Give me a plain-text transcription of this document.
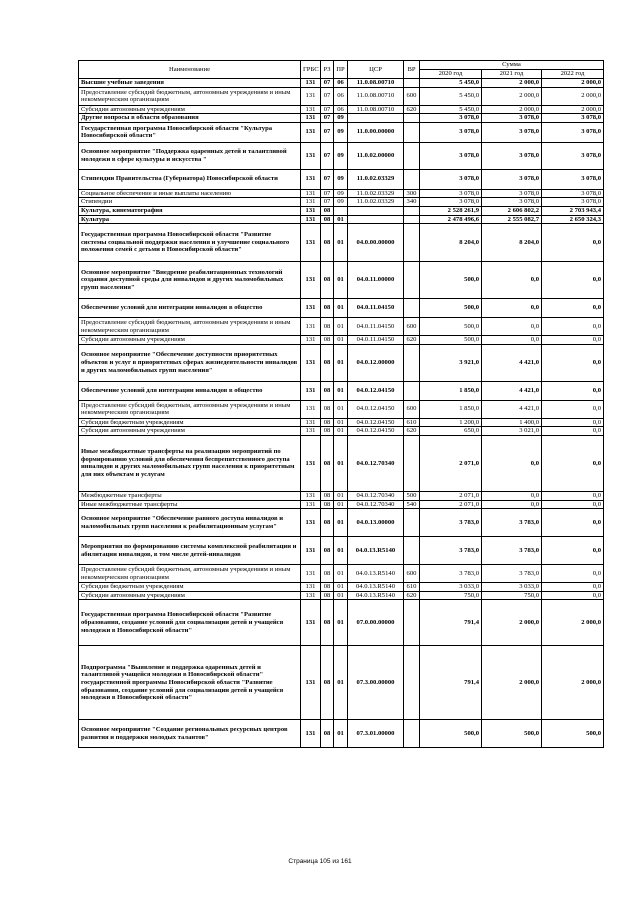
Наименование	ГРБС	РЗ	ПР	ЦСР	ВР	Сумма		
						2020 год	2021 год	2022 год
Высшие учебные заведения	131	07	06	11.0.08.00710		5 450,0	2 000,0	2 000,0
Предоставление субсидий бюджетным, автономным учреждениям и иным некоммерческим организациям	131	07	06	11.0.08.00710	600	5 450,0	2 000,0	2 000,0
Субсидии автономным учреждениям	131	07	06	11.0.08.00710	620	5 450,0	2 000,0	2 000,0
Другие вопросы в области образования	131	07	09			3 078,0	3 078,0	3 078,0
Государственная программа Новосибирской области "Культура Новосибирской области"	131	07	09	11.0.00.00000		3 078,0	3 078,0	3 078,0
Основное мероприятие "Поддержка одаренных детей и талантливой молодежи в сфере культуры и искусства "	131	07	09	11.0.02.00000		3 078,0	3 078,0	3 078,0
Стипендии Правительства (Губернатора) Новосибирской области	131	07	09	11.0.02.03329		3 078,0	3 078,0	3 078,0
Социальное обеспечение и иные выплаты населению	131	07	09	11.0.02.03329	300	3 078,0	3 078,0	3 078,0
Стипендии	131	07	09	11.0.02.03329	340	3 078,0	3 078,0	3 078,0
Культура, кинематография	131	08				2 528 261,9	2 606 802,2	2 703 943,4
Культура	131	08	01			2 478 496,6	2 555 082,7	2 650 324,3
Государственная программа Новосибирской области "Развитие системы социальной поддержки населения и улучшение социального положения семей с детьми в Новосибирской области"	131	08	01	04.0.00.00000		8 204,0	8 204,0	0,0
Основное мероприятие "Внедрение реабилитационных технологий создания доступной среды для инвалидов и других маломобильных групп населения"	131	08	01	04.0.11.00000		500,0	0,0	0,0
Обеспечение условий для интеграции инвалидов в общество	131	08	01	04.0.11.04150		500,0	0,0	0,0
Предоставление субсидий бюджетным, автономным учреждениям и иным некоммерческим организациям	131	08	01	04.0.11.04150	600	500,0	0,0	0,0
Субсидии автономным учреждениям	131	08	01	04.0.11.04150	620	500,0	0,0	0,0
Основное мероприятие "Обеспечение доступности приоритетных объектов и услуг в приоритетных сферах жизнедеятельности инвалидов и других маломобильных групп населения"	131	08	01	04.0.12.00000		3 921,0	4 421,0	0,0
Обеспечение условий для интеграции инвалидов в общество	131	08	01	04.0.12.04150		1 850,0	4 421,0	0,0
Предоставление субсидий бюджетным, автономным учреждениям и иным некоммерческим организациям	131	08	01	04.0.12.04150	600	1 850,0	4 421,0	0,0
Субсидии бюджетным учреждениям	131	08	01	04.0.12.04150	610	1 200,0	1 400,0	0,0
Субсидии автономным учреждениям	131	08	01	04.0.12.04150	620	650,0	3 021,0	0,0
Иные межбюджетные трансферты на реализацию мероприятий по формированию условий для обеспечения беспрепятственного доступа инвалидов и других маломобильных групп населения к приоритетным для них объектам и услугам	131	08	01	04.0.12.70340		2 071,0	0,0	0,0
Межбюджетные трансферты	131	08	01	04.0.12.70340	500	2 071,0	0,0	0,0
Иные межбюджетные трансферты	131	08	01	04.0.12.70340	540	2 071,0	0,0	0,0
Основное мероприятие "Обеспечение равного доступа инвалидов и маломобильных групп населения к реабилитационным услугам"	131	08	01	04.0.13.00000		3 783,0	3 783,0	0,0
Мероприятия по формированию системы комплексной реабилитации и абилитации инвалидов, в том числе детей-инвалидов	131	08	01	04.0.13.R5140		3 783,0	3 783,0	0,0
Предоставление субсидий бюджетным, автономным учреждениям и иным некоммерческим организациям	131	08	01	04.0.13.R5140	600	3 783,0	3 783,0	0,0
Субсидии бюджетным учреждениям	131	08	01	04.0.13.R5140	610	3 033,0	3 033,0	0,0
Субсидии автономным учреждениям	131	08	01	04.0.13.R5140	620	750,0	750,0	0,0
Государственная программа Новосибирской области "Развитие образования, создание условий для социализации детей и учащейся молодежи в Новосибирской области"	131	08	01	07.0.00.00000		791,4	2 000,0	2 000,0
Подпрограмма "Выявление и поддержка одаренных детей и талантливой учащейся молодежи в Новосибирской области" государственной программы Новосибирской области "Развитие образования, создание условий для социализации детей и учащейся молодежи в Новосибирской области"	131	08	01	07.3.00.00000		791,4	2 000,0	2 000,0
Основное мероприятие "Создание региональных ресурсных центров развития и поддержки молодых талантов"	131	08	01	07.3.01.00000		500,0	500,0	500,0
Страница 105 из 161
